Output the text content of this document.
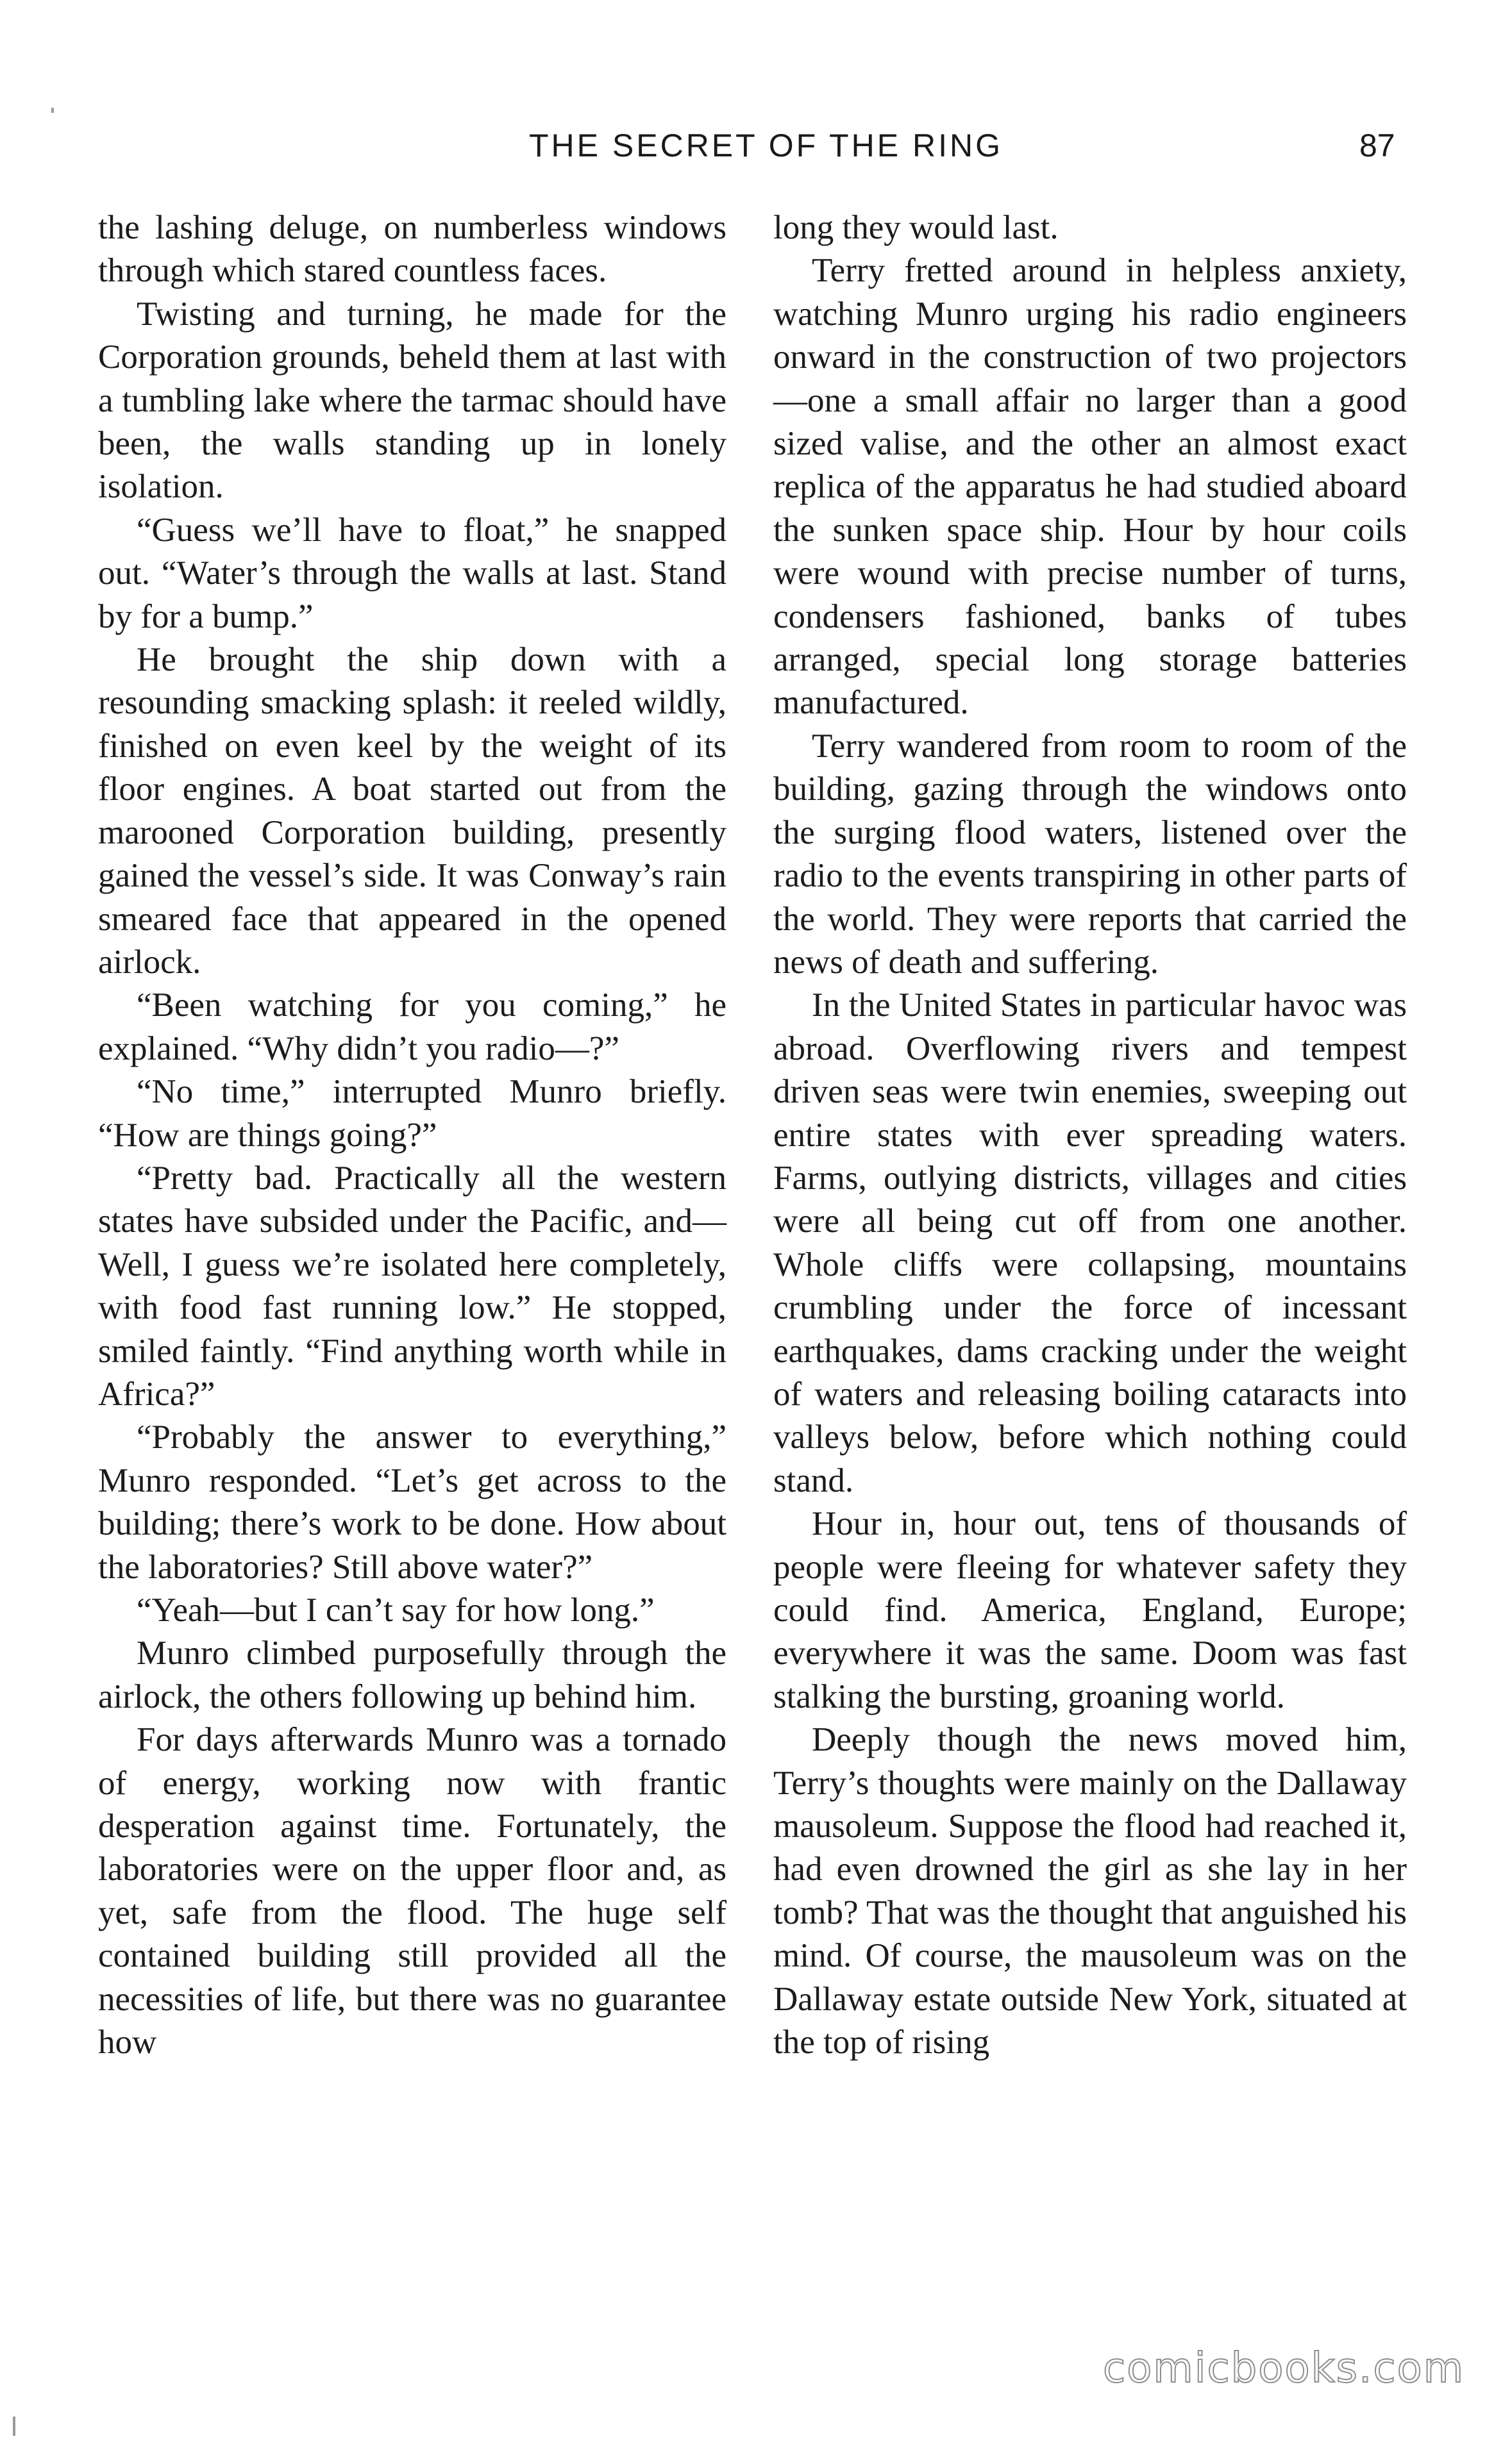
THE SECRET OF THE RING	87

the lashing deluge, on numberless windows through which stared countless faces.

Twisting and turning, he made for the Corporation grounds, beheld them at last with a tumbling lake where the tarmac should have been, the walls standing up in lonely isolation.

“Guess we’ll have to float,” he snapped out. “Water’s through the walls at last. Stand by for a bump.”

He brought the ship down with a resounding smacking splash: it reeled wildly, finished on even keel by the weight of its floor engines. A boat started out from the marooned Corporation building, presently gained the vessel’s side. It was Conway’s rain smeared face that appeared in the opened airlock.

“Been watching for you coming,” he explained. “Why didn’t you radio—?”

“No time,” interrupted Munro briefly. “How are things going?”

“Pretty bad. Practically all the western states have subsided under the Pacific, and—Well, I guess we’re isolated here completely, with food fast running low.” He stopped, smiled faintly. “Find anything worth while in Africa?”

“Probably the answer to everything,” Munro responded. “Let’s get across to the building; there’s work to be done. How about the laboratories? Still above water?”

“Yeah—but I can’t say for how long.”

Munro climbed purposefully through the airlock, the others following up behind him.

For days afterwards Munro was a tornado of energy, working now with frantic desperation against time. Fortunately, the laboratories were on the upper floor and, as yet, safe from the flood. The huge self contained building still provided all the necessities of life, but there was no guarantee how

long they would last.

Terry fretted around in helpless anxiety, watching Munro urging his radio engineers onward in the construction of two projectors—one a small affair no larger than a good sized valise, and the other an almost exact replica of the apparatus he had studied aboard the sunken space ship. Hour by hour coils were wound with precise number of turns, condensers fashioned, banks of tubes arranged, special long storage batteries manufactured.

Terry wandered from room to room of the building, gazing through the windows onto the surging flood waters, listened over the radio to the events transpiring in other parts of the world. They were reports that carried the news of death and suffering.

In the United States in particular havoc was abroad. Overflowing rivers and tempest driven seas were twin enemies, sweeping out entire states with ever spreading waters. Farms, outlying districts, villages and cities were all being cut off from one another. Whole cliffs were collapsing, mountains crumbling under the force of incessant earthquakes, dams cracking under the weight of waters and releasing boiling cataracts into valleys below, before which nothing could stand.

Hour in, hour out, tens of thousands of people were fleeing for whatever safety they could find. America, England, Europe; everywhere it was the same. Doom was fast stalking the bursting, groaning world.

Deeply though the news moved him, Terry’s thoughts were mainly on the Dallaway mausoleum. Suppose the flood had reached it, had even drowned the girl as she lay in her tomb? That was the thought that anguished his mind. Of course, the mausoleum was on the Dallaway estate outside New York, situated at the top of rising

comicbooks.com
